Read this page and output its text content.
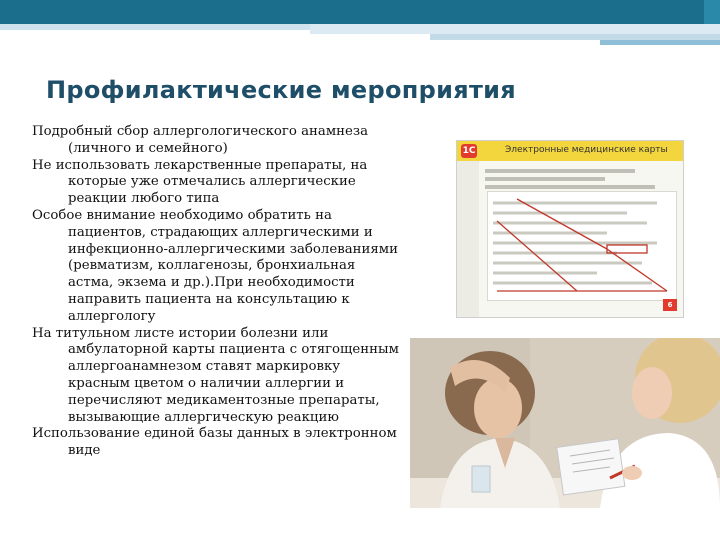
Профилактические мероприятия

Подробный сбор аллергологического анамнеза (личного и семейного)

Не использовать лекарственные препараты, на которые уже отмечались аллергические реакции любого типа

Особое внимание необходимо обратить на пациентов, страдающих аллергическими и инфекционно-аллергическими заболеваниями (ревматизм, коллагенозы, бронхиальная астма, экзема и др.).При необходимости направить пациента на консультацию к аллергологу

На титульном листе истории болезни или амбулаторной карты пациента с отягощенным аллергоанамнезом ставят маркировку красным цветом о наличии аллергии и перечисляют медикаментозные препараты, вызывающие аллергическую реакцию

Использование единой базы данных в электронном виде

1С	Электронные медицинские карты
6
